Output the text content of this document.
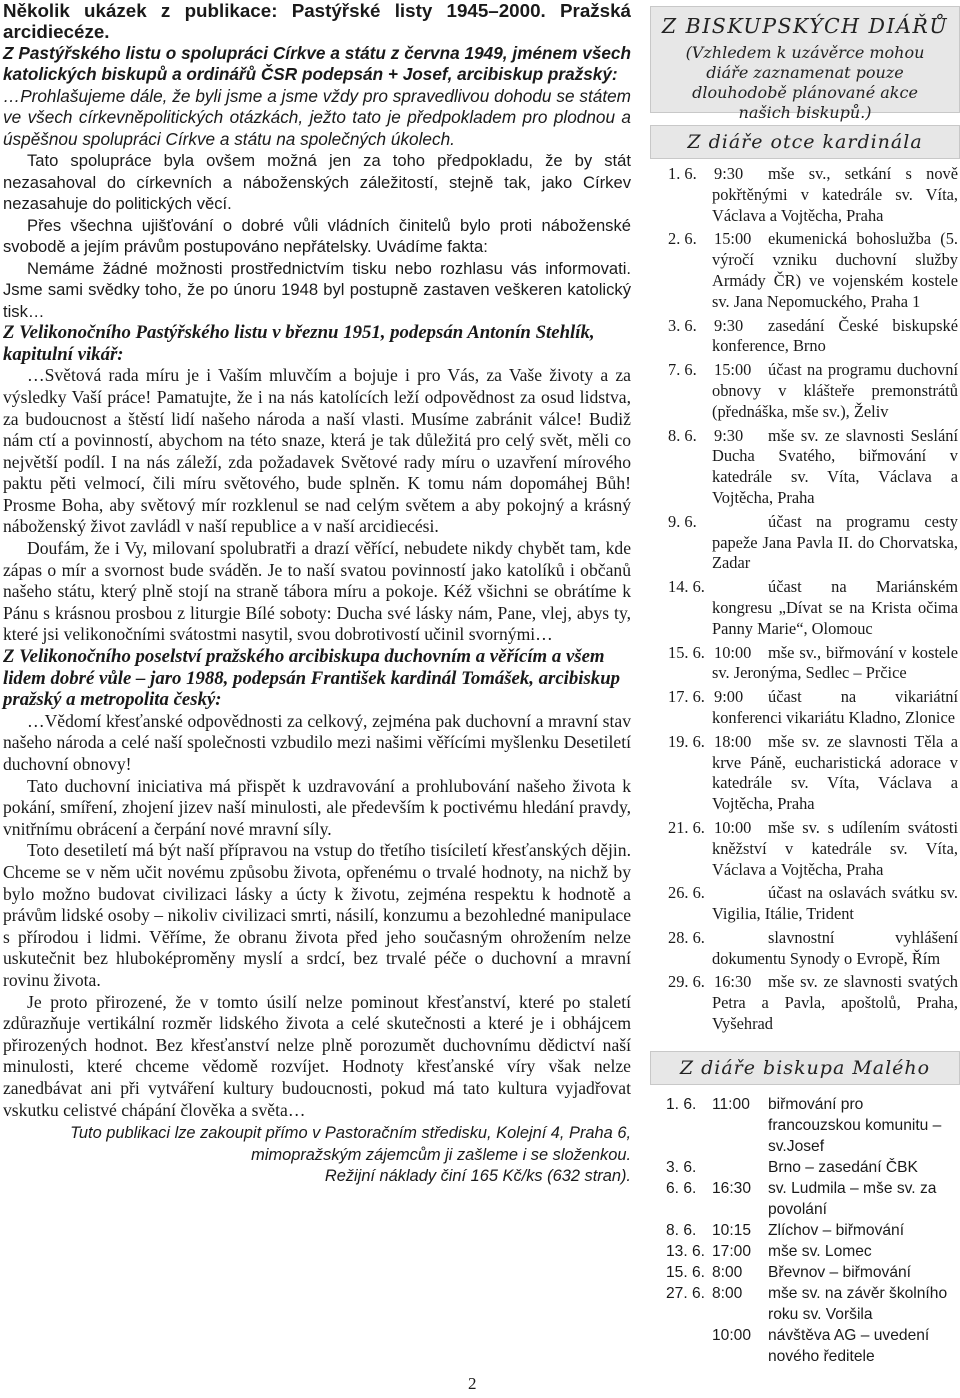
Několik ukázek z publikace: Pastýřské listy 1945–2000. Pražská arcidiecéze.

Z Pastýřského listu o spolupráci Církve a státu z června 1949, jménem všech katolických biskupů a ordinářů ČSR podepsán + Josef, arcibiskup pražský:

…Prohlašujeme dále, že byli jsme a jsme vždy pro spravedlivou dohodu se státem ve všech církevněpolitických otázkách, ježto tato je předpokladem pro plodnou a úspěšnou spolupráci Církve a státu na společných úkolech.

Tato spolupráce byla ovšem možná jen za toho předpokladu, že by stát nezasahoval do církevních a náboženských záležitostí, stejně tak, jako Církev nezasahuje do politických věcí.

Přes všechna ujišťování o dobré vůli vládních činitelů bylo proti náboženské svobodě a jejím právům postupováno nepřátelsky. Uvádíme fakta:

Nemáme žádné možnosti prostřednictvím tisku nebo rozhlasu vás informovati. Jsme sami svědky toho, že po únoru 1948 byl postupně zastaven veškeren katolický tisk…

Z Velikonočního Pastýřského listu v březnu 1951, podepsán Antonín Stehlík, kapitulní vikář:

…Světová rada míru je i Vaším mluvčím a bojuje i pro Vás, za Vaše životy a za výsledky Vaší práce! Pamatujte, že i na nás katolících leží odpovědnost za osud lidstva, za budoucnost a štěstí lidí našeho národa a naší vlasti. Musíme zabránit válce! Budiž nám ctí a povinností, abychom na této snaze, která je tak důležitá pro celý svět, měli co největší podíl. I na nás záleží, zda požadavek Světové rady míru o uzavření mírového paktu pěti velmocí, čili míru světového, bude splněn. K tomu nám dopomáhej Bůh! Prosme Boha, aby světový mír rozklenul se nad celým světem a aby pokojný a krásný náboženský život zavládl v naší republice a v naší arcidiecési.

Doufám, že i Vy, milovaní spolubratři a drazí věřící, nebudete nikdy chybět tam, kde zápas o mír a svornost bude sváděn. Je to naší svatou povinností jako katolíků i občanů našeho státu, který plně stojí na straně tábora míru a pokoje. Kéž všichni se obrátíme k Pánu s krásnou prosbou z liturgie Bílé soboty: Ducha své lásky nám, Pane, vlej, abys ty, které jsi velikonočními svátostmi nasytil, svou dobrotivostí učinil svornými…

Z Velikonočního poselství pražského arcibiskupa duchovním a věřícím a všem lidem dobré vůle – jaro 1988, podepsán František kardinál Tomášek, arcibiskup pražský a metropolita český:

…Vědomí křesťanské odpovědnosti za celkový, zejména pak duchovní a mravní stav našeho národa a celé naší společnosti vzbudilo mezi našimi věřícími myšlenku Desetiletí duchovní obnovy!

Tato duchovní iniciativa má přispět k uzdravování a prohlubování našeho života k pokání, smíření, zhojení jizev naší minulosti, ale především k poctivému hledání pravdy, vnitřnímu obrácení a čerpání nové mravní síly.

Toto desetiletí má být naší přípravou na vstup do třetího tisíciletí křesťanských dějin. Chceme se v něm učit novému způsobu života, opřenému o trvalé hodnoty, na nichž by bylo možno budovat civilizaci lásky a úcty k životu, zejména respektu k hodnotě a právům lidské osoby – nikoliv civilizaci smrti, násilí, konzumu a bezohledné manipulace s přírodou i lidmi. Věříme, že obranu života před jeho současným ohrožením nelze uskutečnit bez hluboképroměny myslí a srdcí, bez trvalé péče o duchovní a mravní rovinu života.

Je proto přirozené, že v tomto úsilí nelze pominout křesťanství, které po staletí zdůrazňuje vertikální rozměr lidského života a celé skutečnosti a které je i obhájcem přirozených hodnot. Bez křesťanství nelze plně porozumět duchovnímu dědictví naší minulosti, které chceme vědomě rozvíjet. Hodnoty křesťanské víry však nelze zanedbávat ani při vytváření kultury budoucnosti, pokud má tato kultura vyjadřovat vskutku celistvé chápání člověka a světa…

Tuto publikaci lze zakoupit přímo v Pastoračním středisku, Kolejní 4, Praha 6,
mimopražským zájemcům ji zašleme i se složenkou.
Režijní náklady činí 165 Kč/ks (632 stran).
Z BISKUPSKÝCH DIÁŘŮ
(Vzhledem k uzávěrce mohou diáře zaznamenat pouze dlouhodobě plánované akce našich biskupů.)
Z diáře otce kardinála
1. 6.	9:30	mše sv., setkání s nově pokřtěnými v katedrále sv. Víta, Václava a Vojtěcha, Praha
2. 6.	15:00	ekumenická bohoslužba (5. výročí vzniku duchovní služby Armády ČR) ve vojenském kostele sv. Jana Nepomuckého, Praha 1
3. 6.	9:30	zasedání České biskupské konference, Brno
7. 6.	15:00	účast na programu duchovní obnovy v klášteře premonstrátů (přednáška, mše sv.), Želiv
8. 6.	9:30	mše sv. ze slavnosti Seslání Ducha Svatého, biřmování v katedrále sv. Víta, Václava a Vojtěcha, Praha
9. 6.	účast na programu cesty papeže Jana Pavla II. do Chorvatska, Zadar
14. 6.	účast na Mariánském kongresu „Dívat se na Krista očima Panny Marie“, Olomouc
15. 6. 10:00	mše sv., biřmování v kostele sv. Jeronýma, Sedlec – Prčice
17. 6. 9:00	účast na vikariátní konferenci vikariátu Kladno, Zlonice
19. 6. 18:00	mše sv. ze slavnosti Těla a krve Páně, eucharistická adorace v katedrále sv. Víta, Václava a Vojtěcha, Praha
21. 6. 10:00	mše sv. s udílením svátosti kněžství v katedrále sv. Víta, Václava a Vojtěcha, Praha
26. 6.	účast na oslavách svátku sv. Vigilia, Itálie, Trident
28. 6.	slavnostní vyhlášení dokumentu Synody o Evropě, Řím
29. 6. 16:30	mše sv. ze slavnosti svatých Petra a Pavla, apoštolů, Praha, Vyšehrad
Z diáře biskupa Malého
1. 6.	11:00	biřmování pro francouzskou komunitu – sv.Josef
3. 6.	Brno – zasedání ČBK
6. 6.	16:30	sv. Ludmila – mše sv. za povolání
8. 6.	10:15	Zlíchov – biřmování
13. 6. 17:00	mše sv. Lomec
15. 6. 8:00	Břevnov – biřmování
27. 6. 8:00	mše sv. na závěr školního roku sv. Voršila
10:00	návštěva AG – uvedení nového ředitele
2
